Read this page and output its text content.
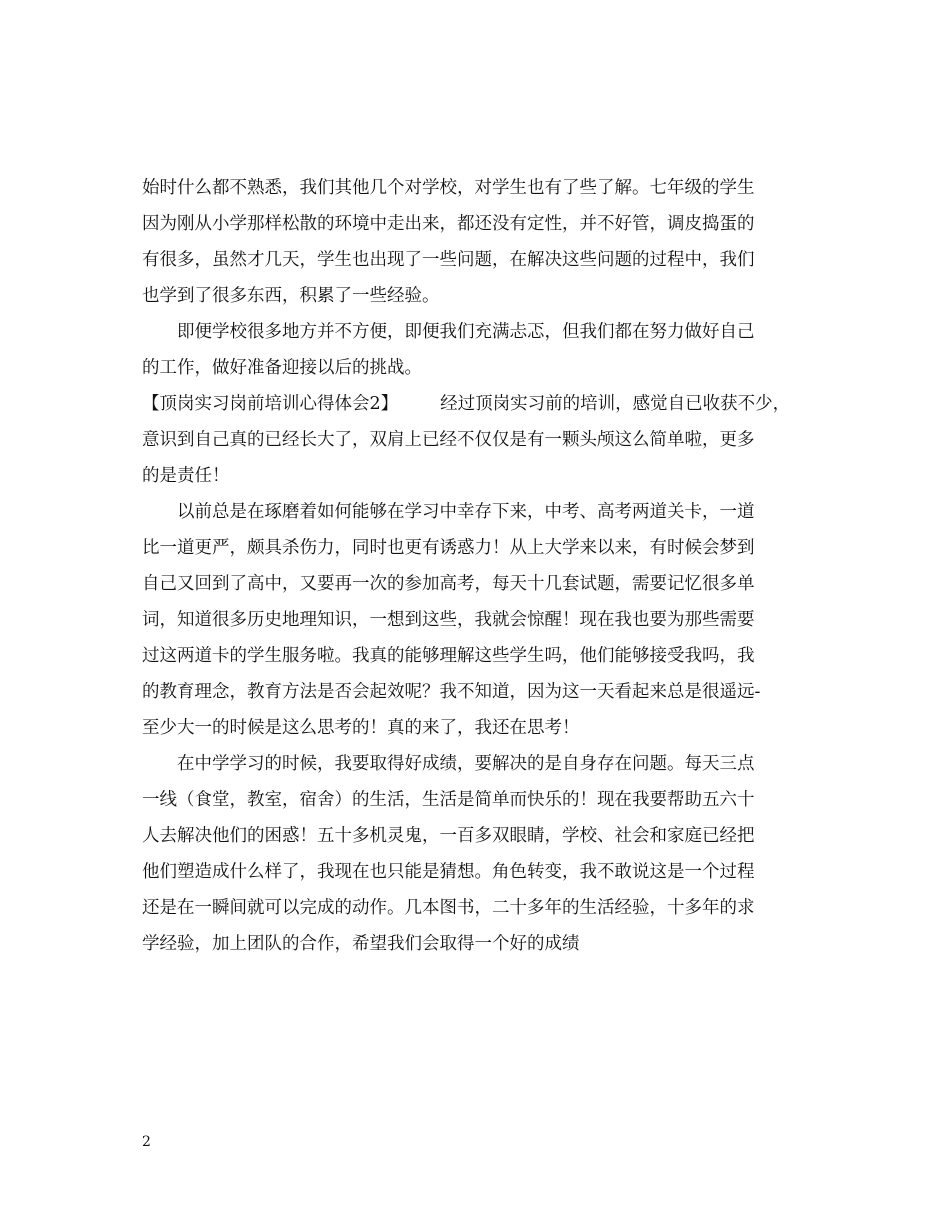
始时什么都不熟悉，我们其他几个对学校，对学生也有了些了解。七年级的学生
因为刚从小学那样松散的环境中走出来，都还没有定性，并不好管，调皮捣蛋的
有很多，虽然才几天，学生也出现了一些问题，在解决这些问题的过程中，我们
也学到了很多东西，积累了一些经验。
即便学校很多地方并不方便，即便我们充满忐忑，但我们都在努力做好自己
的工作，做好准备迎接以后的挑战。
【顶岗实习岗前培训心得体会2】 经过顶岗实习前的培训，感觉自已收获不少，
意识到自己真的已经长大了，双肩上已经不仅仅是有一颗头颅这么简单啦，更多
的是责任！
以前总是在琢磨着如何能够在学习中幸存下来，中考、高考两道关卡，一道
比一道更严，颇具杀伤力，同时也更有诱惑力！从上大学来以来，有时候会梦到
自己又回到了高中，又要再一次的参加高考，每天十几套试题，需要记忆很多单
词，知道很多历史地理知识，一想到这些，我就会惊醒！现在我也要为那些需要
过这两道卡的学生服务啦。我真的能够理解这些学生吗，他们能够接受我吗，我
的教育理念，教育方法是否会起效呢？我不知道，因为这一天看起来总是很遥远-
至少大一的时候是这么思考的！真的来了，我还在思考！
在中学学习的时候，我要取得好成绩，要解决的是自身存在问题。每天三点
一线（食堂，教室，宿舍）的生活，生活是简单而快乐的！现在我要帮助五六十
人去解决他们的困惑！五十多机灵鬼，一百多双眼睛，学校、社会和家庭已经把
他们塑造成什么样了，我现在也只能是猜想。角色转变，我不敢说这是一个过程
还是在一瞬间就可以完成的动作。几本图书，二十多年的生活经验，十多年的求
学经验，加上团队的合作，希望我们会取得一个好的成绩
2
